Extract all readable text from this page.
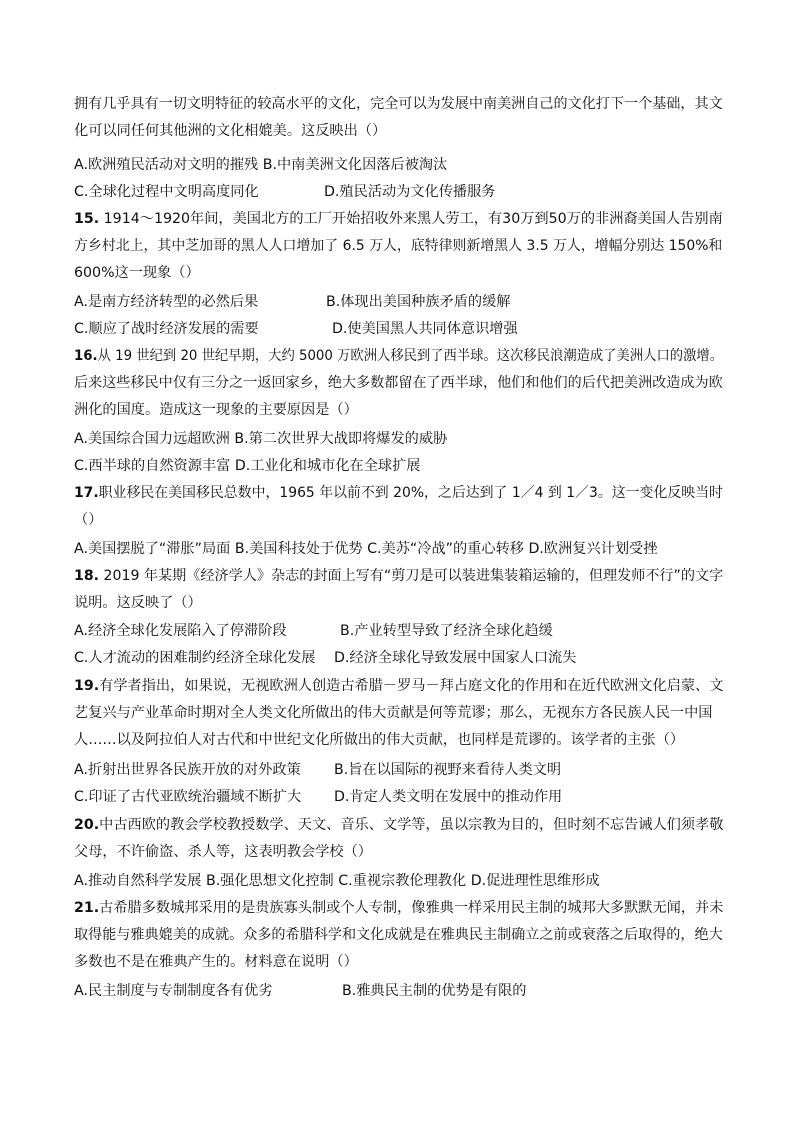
拥有几乎具有一切文明特征的较高水平的文化，完全可以为发展中南美洲自己的文化打下一个基础，其文
化可以同任何其他洲的文化相媲美。这反映出（）
A.欧洲殖民活动对文明的摧残 B.中南美洲文化因落后被淘汰
C.全球化过程中文明高度同化	D.殖民活动为文化传播服务
15. 1914～1920年间，美国北方的工厂开始招收外来黑人劳工，有30万到50万的非洲裔美国人告别南
方乡村北上，其中芝加哥的黑人人口增加了 6.5 万人，底特律则新增黑人 3.5 万人，增幅分别达 150%和
600%这一现象（）
A.是南方经济转型的必然后果	B.体现出美国种族矛盾的缓解
C.顺应了战时经济发展的需要	D.使美国黑人共同体意识增强
16.从 19 世纪到 20 世纪早期，大约 5000 万欧洲人移民到了西半球。这次移民浪潮造成了美洲人口的激增。
后来这些移民中仅有三分之一返回家乡，绝大多数都留在了西半球，他们和他们的后代把美洲改造成为欧
洲化的国度。造成这一现象的主要原因是（）
A.美国综合国力远超欧洲 B.第二次世界大战即将爆发的威胁
C.西半球的自然资源丰富 D.工业化和城市化在全球扩展
17.职业移民在美国移民总数中，1965 年以前不到 20%，之后达到了 1／4 到 1／3。这一变化反映当时
（）
A.美国摆脱了“滞胀”局面 B.美国科技处于优势 C.美苏“冷战”的重心转移 D.欧洲复兴计划受挫
18. 2019 年某期《经济学人》杂志的封面上写有“剪刀是可以装进集装箱运输的，但理发师不行”的文字
说明。这反映了（）
A.经济全球化发展陷入了停滞阶段	B.产业转型导致了经济全球化趋缓
C.人才流动的困难制约经济全球化发展 D.经济全球化导致发展中国家人口流失
19.有学者指出，如果说，无视欧洲人创造古希腊－罗马－拜占庭文化的作用和在近代欧洲文化启蒙、文
艺复兴与产业革命时期对全人类文化所做出的伟大贡献是何等荒谬；那么，无视东方各民族人民一中国
人……以及阿拉伯人对古代和中世纪文化所做出的伟大贡献，也同样是荒谬的。该学者的主张（）
A.折射出世界各民族开放的对外政策 B.旨在以国际的视野来看待人类文明
C.印证了古代亚欧统治疆域不断扩大 D.肯定人类文明在发展中的推动作用
20.中古西欧的教会学校教授数学、天文、音乐、文学等，虽以宗教为目的，但时刻不忘告诫人们须孝敬
父母，不许偷盗、杀人等，这表明教会学校（）
A.推动自然科学发展 B.强化思想文化控制 C.重视宗教伦理教化 D.促进理性思维形成
21.古希腊多数城邦采用的是贵族寡头制或个人专制，像雅典一样采用民主制的城邦大多默默无闻，并未
取得能与雅典媲美的成就。众多的希腊科学和文化成就是在雅典民主制确立之前或衰落之后取得的，绝大
多数也不是在雅典产生的。材料意在说明（）
A.民主制度与专制制度各有优劣	B.雅典民主制的优势是有限的
